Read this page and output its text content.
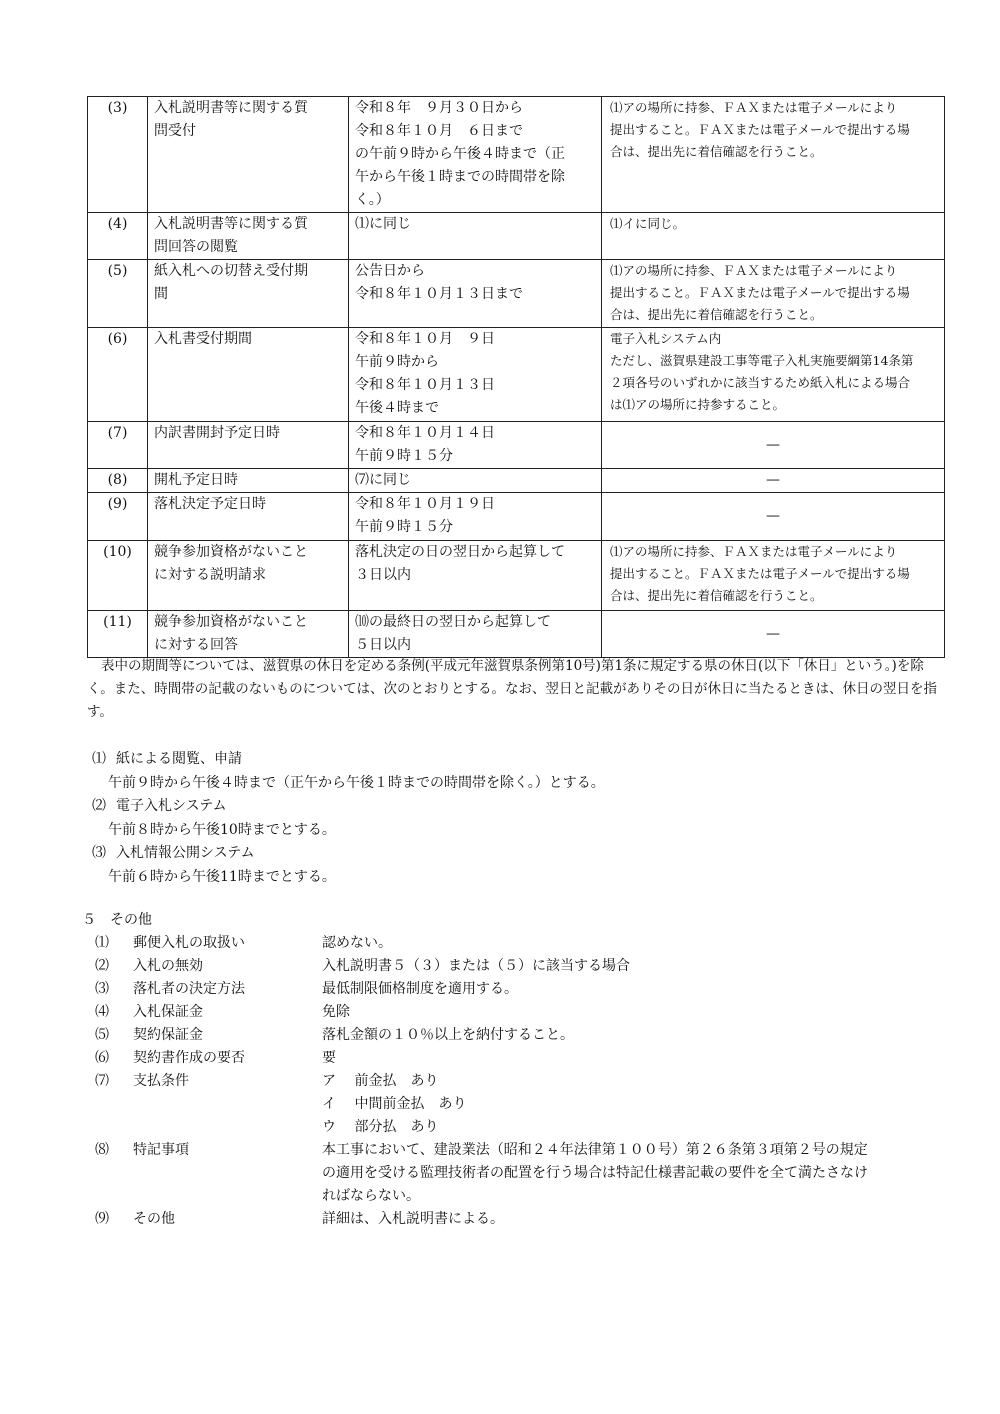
(3)	入札説明書等に関する質
問受付	令和８年　９月３０日から
令和８年１０月　６日まで
の午前９時から午後４時まで（正
午から午後１時までの時間帯を除
く。）	⑴アの場所に持参、ＦＡＸまたは電子メールにより
提出すること。ＦＡＸまたは電子メールで提出する場
合は、提出先に着信確認を行うこと。
(4)	入札説明書等に関する質
問回答の閲覧	⑴に同じ	⑴イに同じ。
(5)	紙入札への切替え受付期
間	公告日から
令和８年１０月１３日まで	⑴アの場所に持参、ＦＡＸまたは電子メールにより
提出すること。ＦＡＸまたは電子メールで提出する場
合は、提出先に着信確認を行うこと。
(6)	入札書受付期間	令和８年１０月　９日
午前９時から
令和８年１０月１３日
午後４時まで	電子入札システム内
ただし、滋賀県建設工事等電子入札実施要綱第14条第
２項各号のいずれかに該当するため紙入札による場合
は⑴アの場所に持参すること。
(7)	内訳書開封予定日時	令和８年１０月１４日
午前９時１５分	—
(8)	開札予定日時	⑺に同じ	—
(9)	落札決定予定日時	令和８年１０月１９日
午前９時１５分	—
(10)	競争参加資格がないこと
に対する説明請求	落札決定の日の翌日から起算して
３日以内	⑴アの場所に持参、ＦＡＸまたは電子メールにより
提出すること。ＦＡＸまたは電子メールで提出する場
合は、提出先に着信確認を行うこと。
(11)	競争参加資格がないこと
に対する回答	⑽の最終日の翌日から起算して
５日以内	—
表中の期間等については、滋賀県の休日を定める条例(平成元年滋賀県条例第10号)第1条に規定する県の休日(以下「休日」という。)を除く。また、時間帯の記載のないものについては、次のとおりとする。なお、翌日と記載がありその日が休日に当たるときは、休日の翌日を指す。
⑴ 紙による閲覧、申請
午前９時から午後４時まで（正午から午後１時までの時間帯を除く。）とする。
⑵ 電子入札システム
午前８時から午後10時までとする。
⑶ 入札情報公開システム
午前６時から午後11時までとする。
５　その他
⑴	郵便入札の取扱い	認めない。
⑵	入札の無効	入札説明書５（３）または（５）に該当する場合
⑶	落札者の決定方法	最低制限価格制度を適用する。
⑷	入札保証金	免除
⑸	契約保証金	落札金額の１０％以上を納付すること。
⑹	契約書作成の要否	要
⑺	支払条件	ア　 前金払　あり
イ　 中間前金払　あり
ウ　 部分払　あり
⑻	特記事項	本工事において、建設業法（昭和２４年法律第１００号）第２６条第３項第２号の規定
の適用を受ける監理技術者の配置を行う場合は特記仕様書記載の要件を全て満たさなけ
ればならない。
⑼	その他	詳細は、入札説明書による。
